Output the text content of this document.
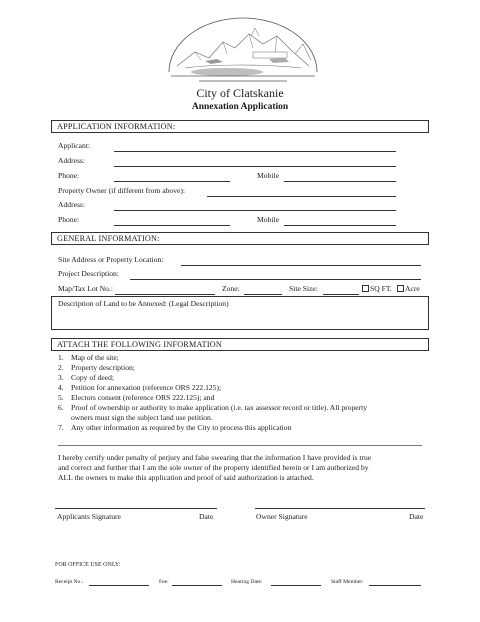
City of Clatskanie
Annexation Application
APPLICATION INFORMATION:
Applicant:
Address:
Phone:	Mobile
Property Owner (if different from above):
Address:
Phone:	Mobile
GENERAL INFORMATION:
Site Address or Property Location:
Project Description:
Map/Tax Lot No.:	Zone:	Site Size:	SQ FT.	Acre
Description of Land to be Annexed: (Legal Description)
ATTACH THE FOLLOWING INFORMATION
1. Map of the site;
2. Property description;
3. Copy of deed;
4. Petition for annexation (reference ORS 222.125);
5. Electors consent (reference ORS 222.125); and
6. Proof of ownership or authority to make application (i.e. tax assessor record or title). All property
owners must sign the subject land use petition.
7. Any other information as required by the City to process this application
I hereby certify under penalty of perjury and false swearing that the information I have provided is true
and correct and further that I am the sole owner of the property identified herein or I am authorized by
ALL the owners to make this application and proof of said authorization is attached.
Applicants Signature	Date	Owner Signature	Date
FOR OFFICE USE ONLY:
Receipt No.:	Fee:	Hearing Date:	Staff Member:
